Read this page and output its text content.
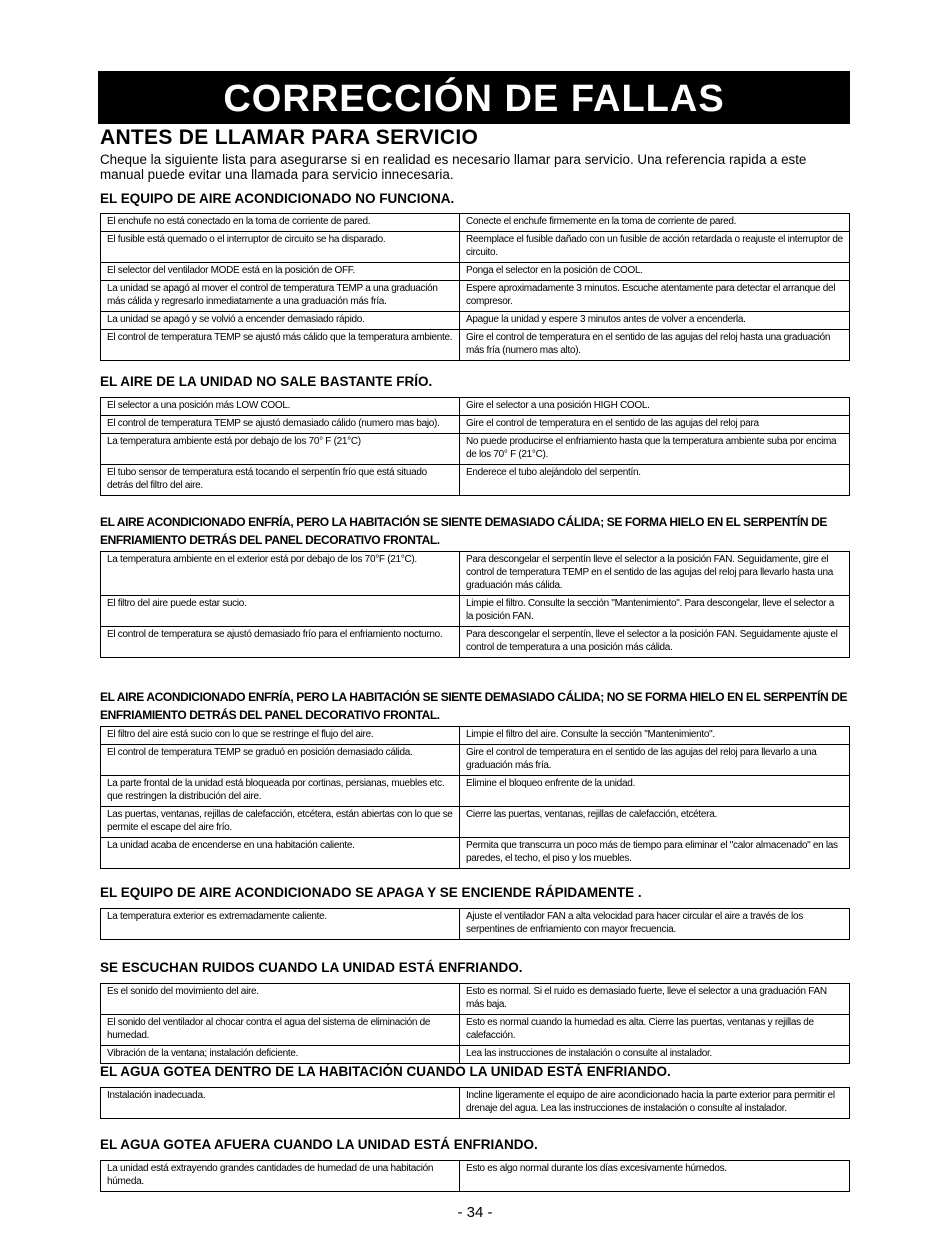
CORRECCIÓN DE FALLAS
ANTES DE LLAMAR PARA SERVICIO
Cheque la siguiente lista para asegurarse si en realidad es necesario llamar para servicio. Una referencia rapida a este manual puede evitar una llamada para servicio innecesaria.
EL EQUIPO DE AIRE ACONDICIONADO NO FUNCIONA.
El enchufe no está conectado en la toma de corriente de pared.	Conecte el enchufe firmemente en la toma de corriente de pared.
El fusible está quemado o el interruptor de circuito se ha disparado.	Reemplace el fusible dañado con un fusible de acción retardada o reajuste el interruptor de circuito.
El selector del ventilador MODE está en la posición de OFF.	Ponga el selector en la posición de COOL.
La unidad se apagó al mover el control de temperatura TEMP a una graduación más cálida y regresarlo inmediatamente a una graduación más fría.	Espere aproximadamente 3 minutos. Escuche atentamente para detectar el arranque del compresor.
La unidad se apagó y se volvió a encender demasiado rápido.	Apague la unidad y espere 3 minutos antes de volver a encenderla.
El control de temperatura TEMP se ajustó más cálido que la temperatura ambiente.	Gire el control de temperatura en el sentido de las agujas del reloj hasta una graduación más fría (numero mas alto).
EL AIRE DE LA UNIDAD NO SALE BASTANTE FRÍO.
El selector a una posición más LOW COOL.	Gire el selector a una posición HIGH COOL.
El control de temperatura TEMP se ajustó demasiado cálido (numero mas bajo).	Gire el control de temperatura en el sentido de las agujas del reloj para
La temperatura ambiente está por debajo de los 70° F (21°C)	No puede producirse el enfriamiento hasta que la temperatura ambiente suba por encima de los 70° F (21°C).
El tubo sensor de temperatura está tocando el serpentín frío que está situado detrás del filtro del aire.	Enderece el tubo alejándolo del serpentín.
EL AIRE ACONDICIONADO ENFRÍA, PERO LA HABITACIÓN SE SIENTE DEMASIADO CÁLIDA; SE FORMA HIELO EN EL SERPENTÍN DE ENFRIAMIENTO DETRÁS DEL PANEL DECORATIVO FRONTAL.
La temperatura ambiente en el exterior está por debajo de los 70°F (21°C).	Para descongelar el serpentín lleve el selector a la posición FAN. Seguidamente, gire el control de temperatura TEMP en el sentido de las agujas del reloj para llevarlo hasta una graduación más cálida.
El filtro del aire puede estar sucio.	Limpie el filtro. Consulte la sección "Mantenimiento". Para descongelar, lleve el selector a la posición FAN.
El control de temperatura se ajustó demasiado frío para el enfriamiento nocturno.	Para descongelar el serpentín, lleve el selector a la posición FAN. Seguidamente ajuste el control de temperatura a una posición más cálida.
EL AIRE ACONDICIONADO ENFRÍA, PERO LA HABITACIÓN SE SIENTE DEMASIADO CÁLIDA; NO SE FORMA HIELO EN EL SERPENTÍN DE ENFRIAMIENTO DETRÁS DEL PANEL DECORATIVO FRONTAL.
El filtro del aire está sucio con lo que se restringe el flujo del aire.	Limpie el filtro del aire. Consulte la sección "Mantenimiento".
El control de temperatura TEMP se graduó en posición demasiado cálida.	Gire el control de temperatura en el sentido de las agujas del reloj para llevarlo a una graduación más fría.
La parte frontal de la unidad está bloqueada por cortinas, persianas, muebles etc. que restringen la distribución del aire.	Elimine el bloqueo enfrente de la unidad.
Las puertas, ventanas, rejillas de calefacción, etcétera, están abiertas con lo que se permite el escape del aire frío.	Cierre las puertas, ventanas, rejillas de calefacción, etcétera.
La unidad acaba de encenderse en una habitación caliente.	Permita que transcurra un poco más de tiempo para eliminar el "calor almacenado" en las paredes, el techo, el piso y los muebles.
EL EQUIPO DE AIRE ACONDICIONADO SE APAGA Y SE ENCIENDE RÁPIDAMENTE .
La temperatura exterior es extremadamente caliente.	Ajuste el ventilador FAN a alta velocidad para hacer circular el aire a través de los serpentines de enfriamiento con mayor frecuencia.
SE ESCUCHAN RUIDOS CUANDO LA UNIDAD ESTÁ ENFRIANDO.
Es el sonido del movimiento del aire.	Esto es normal. Si el ruido es demasiado fuerte, lleve el selector a una graduación FAN más baja.
El sonido del ventilador al chocar contra el agua del sistema de eliminación de humedad.	Esto es normal cuando la humedad es alta. Cierre las puertas, ventanas y rejillas de calefacción.
Vibración de la ventana; instalación deficiente.	Lea las instrucciones de instalación o consulte al instalador.
EL AGUA GOTEA DENTRO DE LA HABITACIÓN CUANDO LA UNIDAD ESTÁ ENFRIANDO.
Instalación inadecuada.	Incline ligeramente el equipo de aire acondicionado hacia la parte exterior para permitir el drenaje del agua. Lea las instrucciones de instalación o consulte al instalador.
EL AGUA GOTEA AFUERA CUANDO LA UNIDAD ESTÁ ENFRIANDO.
La unidad está extrayendo grandes cantidades de humedad de una habitación húmeda.	Esto es algo normal durante los días excesivamente húmedos.
- 34 -
